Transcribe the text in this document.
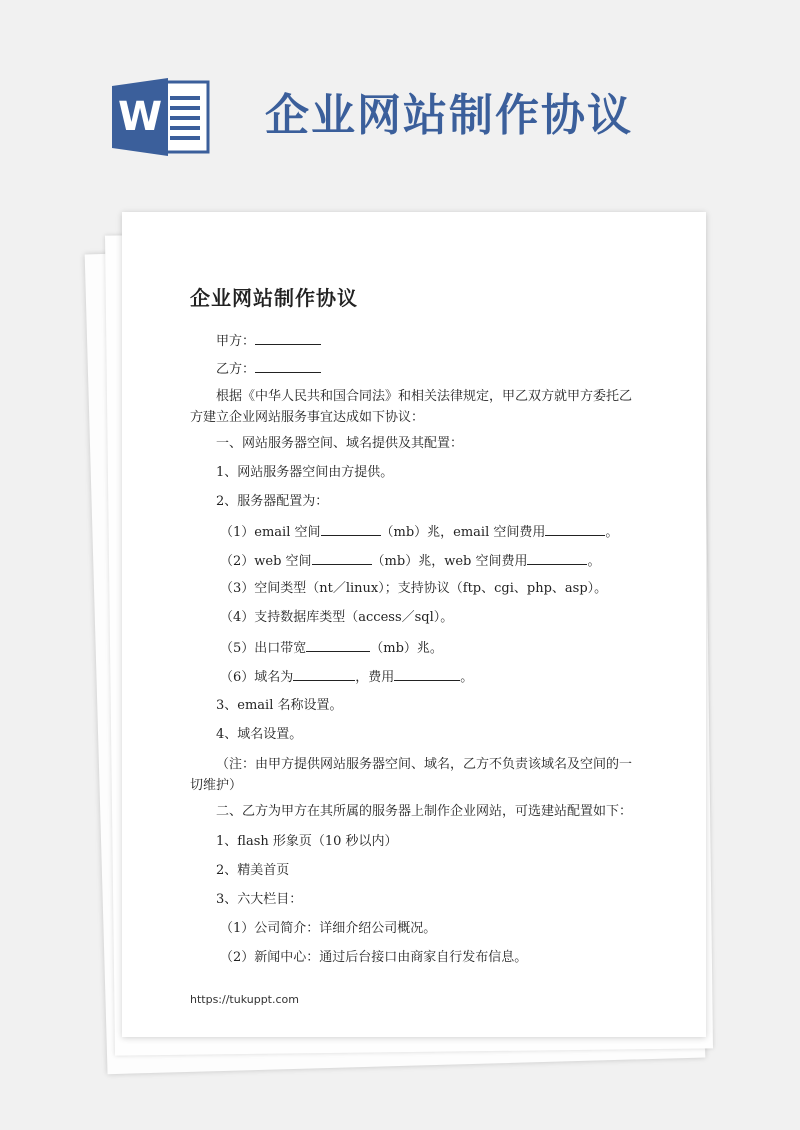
W 企业网站制作协议
企业网站制作协议
甲方：
乙方：
根据《中华人民共和国合同法》和相关法律规定，甲乙双方就甲方委托乙方建立企业网站服务事宜达成如下协议：
一、网站服务器空间、域名提供及其配置：
1、网站服务器空间由方提供。
2、服务器配置为：
（1）email 空间	（mb）兆，email 空间费用	。
（2）web 空间	（mb）兆，web 空间费用	。
（3）空间类型（nt／linux）；支持协议（ftp、cgi、php、asp）。
（4）支持数据库类型（access／sql）。
（5）出口带宽	（mb）兆。
（6）域名为	，费用	。
3、email 名称设置。
4、域名设置。
（注：由甲方提供网站服务器空间、域名，乙方不负责该域名及空间的一切维护）
二、乙方为甲方在其所属的服务器上制作企业网站，可选建站配置如下：
1、flash 形象页（10 秒以内）
2、精美首页
3、六大栏目：
（1）公司简介：详细介绍公司概况。
（2）新闻中心：通过后台接口由商家自行发布信息。
https://tukuppt.com
